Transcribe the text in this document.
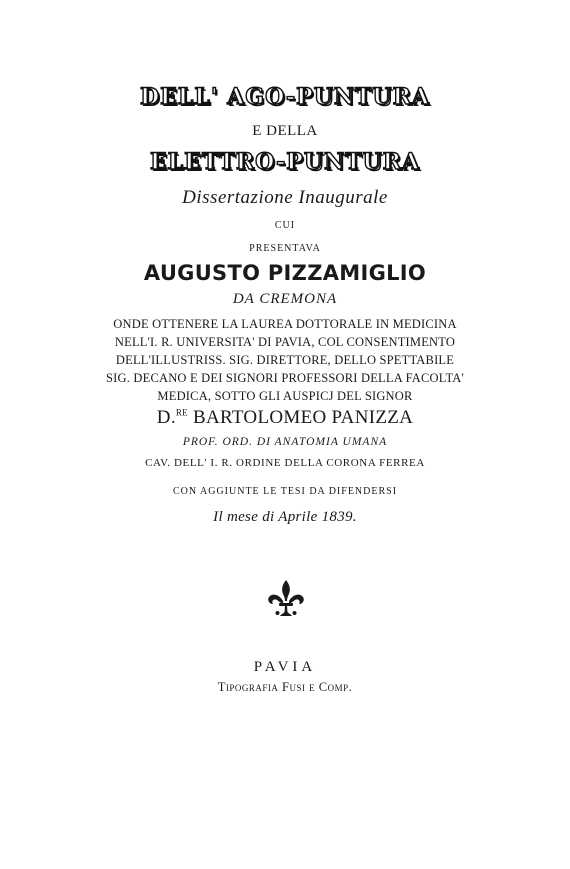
DELL' AGO-PUNTURA
E DELLA
ELETTRO-PUNTURA
Dissertazione Inaugurale
CUI
PRESENTAVA
AUGUSTO PIZZAMIGLIO
DA CREMONA
ONDE OTTENERE LA LAUREA DOTTORALE IN MEDICINA
NELL'I. R. UNIVERSITA' DI PAVIA, COL CONSENTIMENTO
DELL'ILLUSTRISS. SIG. DIRETTORE, DELLO SPETTABILE
SIG. DECANO E DEI SIGNORI PROFESSORI DELLA FACOLTA'
MEDICA, SOTTO GLI AUSPICJ DEL SIGNOR
D.$^{RE}$ BARTOLOMEO PANIZZA
PROF. ORD. DI ANATOMIA UMANA
CAV. DELL' I. R. ORDINE DELLA CORONA FERREA
CON AGGIUNTE LE TESI DA DIFENDERSI
Il mese di Aprile 1839.
PAVIA
Tipografia Fusi e Comp.
